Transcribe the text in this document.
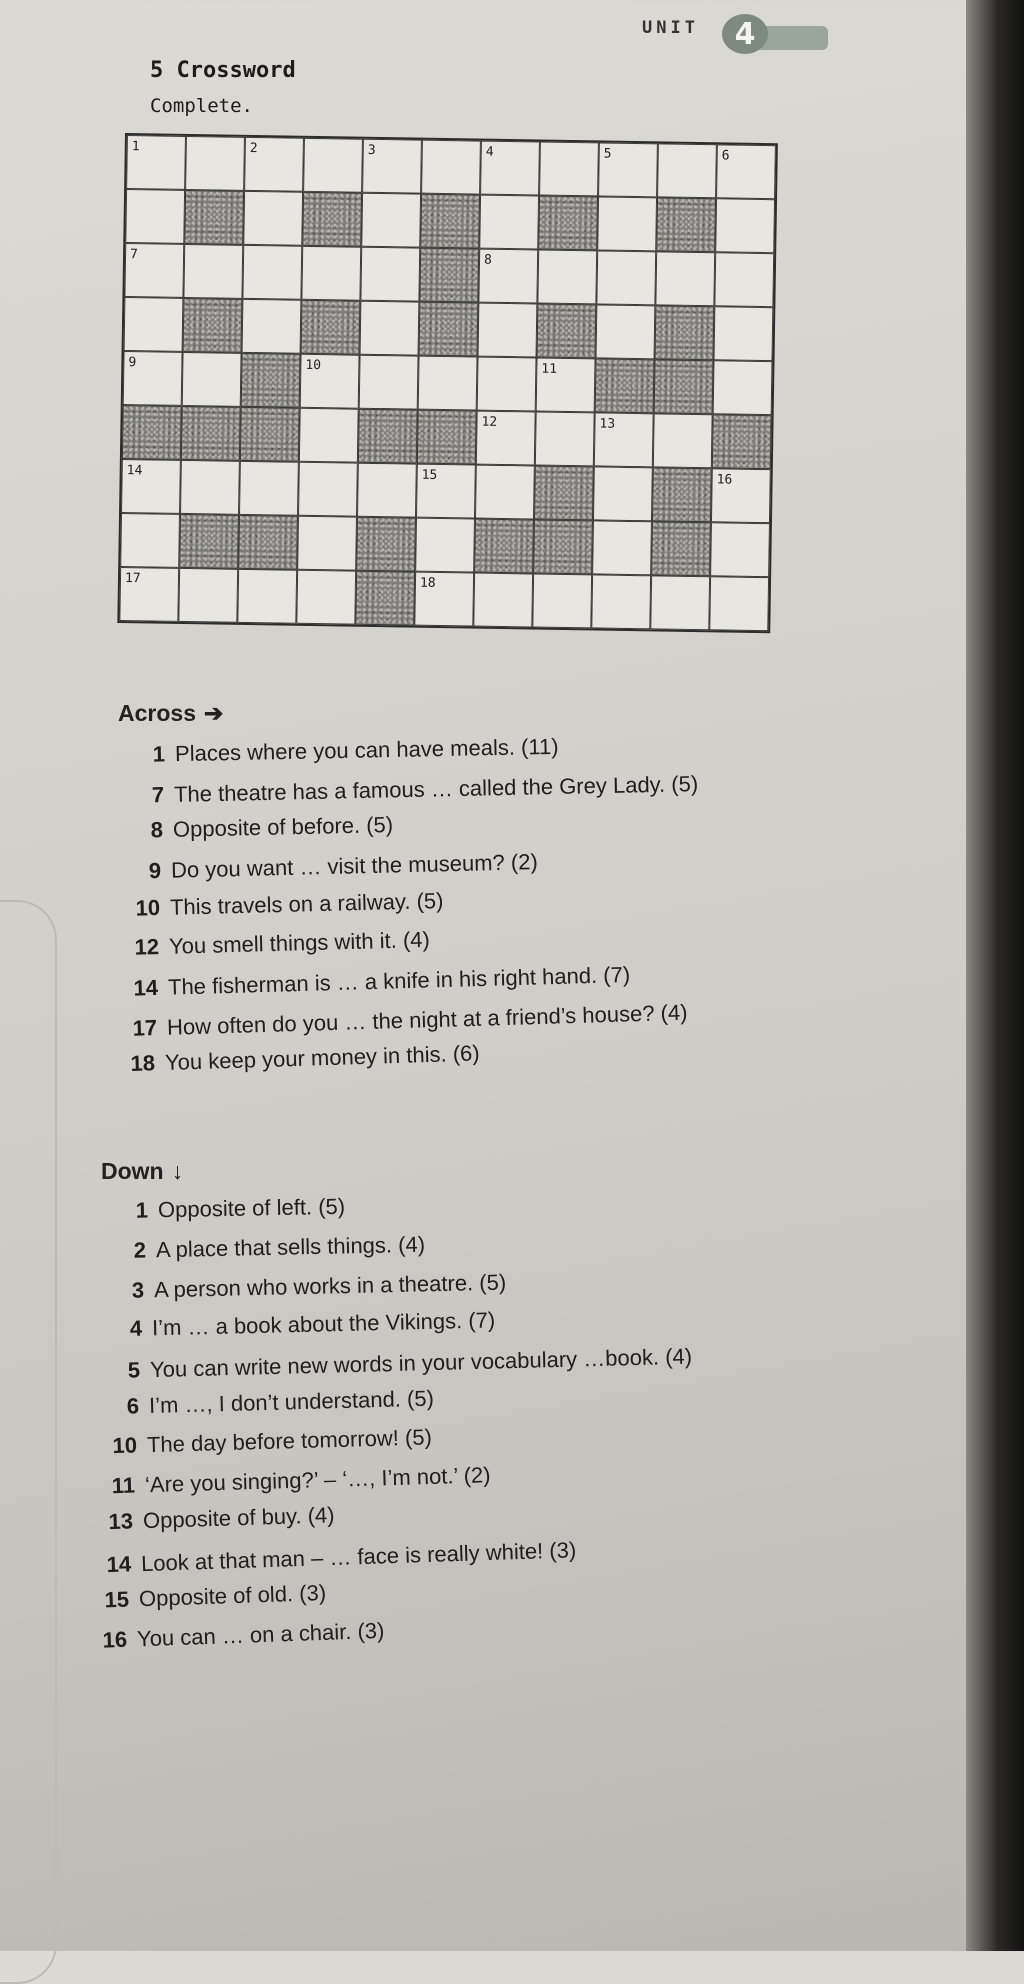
UNIT	4
5 Crossword
Complete.
1	2	3	4	5	6
7	8
9	10	11
12	13
14	15	16
17	18
Across ➔
1 Places where you can have meals. (11)
7 The theatre has a famous … called the Grey Lady. (5)
8 Opposite of before. (5)
9 Do you want … visit the museum? (2)
10 This travels on a railway. (5)
12 You smell things with it. (4)
14 The fisherman is … a knife in his right hand. (7)
17 How often do you … the night at a friend’s house? (4)
18 You keep your money in this. (6)
Down ↓
1 Opposite of left. (5)
2 A place that sells things. (4)
3 A person who works in a theatre. (5)
4 I’m … a book about the Vikings. (7)
5 You can write new words in your vocabulary …book. (4)
6 I’m …, I don’t understand. (5)
10 The day before tomorrow! (5)
11 ‘Are you singing?’ – ‘…, I’m not.’ (2)
13 Opposite of buy. (4)
14 Look at that man – … face is really white! (3)
15 Opposite of old. (3)
16 You can … on a chair. (3)
